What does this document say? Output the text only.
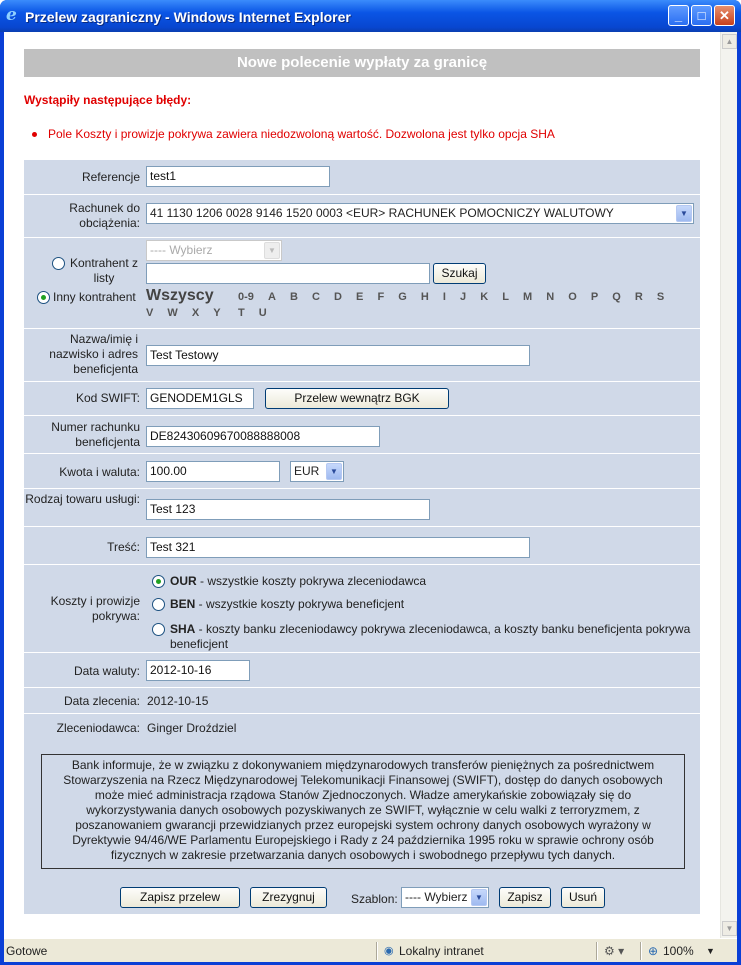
e Przelew zagraniczny - Windows Internet Explorer	_	□	✕
Nowe polecenie wypłaty za granicę
Wystąpiły następujące błędy:
Pole Koszty i prowizje pokrywa zawiera niedozwoloną wartość. Dozwolona jest tylko opcja SHA
Referencje test1
Rachunek do obciążenia:
41 1130 1206 0028 9146 1520 0003 <EUR> RACHUNEK POMOCNICZY WALUTOWY	▼
Kontrahent z listy
Inny kontrahent
---- Wybierz	▼
Szukaj
Wszyscy 0-9 A B C D E F G H I J K L M N O P Q R S T U
V W X Y
Nazwa/imię i nazwisko i adres beneficjenta
Test Testowy
Kod SWIFT: GENODEM1GLS	Przelew wewnątrz BGK
Numer rachunku beneficjenta DE82430609670088888008
Kwota i waluta: 100.00	EUR	▼
Rodzaj towaru usługi:
Test 123
Treść: Test 321
Koszty i prowizje pokrywa:
OUR - wszystkie koszty pokrywa zleceniodawca
BEN - wszystkie koszty pokrywa beneficjent
SHA - koszty banku zleceniodawcy pokrywa zleceniodawca, a koszty banku beneficjenta pokrywa beneficjent
Data waluty: 2012-10-16
Data zlecenia: 2012-10-15
Zleceniodawca: Ginger Droździel
Bank informuje, że w związku z dokonywaniem międzynarodowych transferów pieniężnych za pośrednictwem Stowarzyszenia na Rzecz Międzynarodowej Telekomunikacji Finansowej (SWIFT), dostęp do danych osobowych może mieć administracja rządowa Stanów Zjednoczonych. Władze amerykańskie zobowiązały się do wykorzystywania danych osobowych pozyskiwanych ze SWIFT, wyłącznie w celu walki z terroryzmem, z poszanowaniem gwarancji przewidzianych przez europejski system ochrony danych osobowych wyrażony w Dyrektywie 94/46/WE Parlamentu Europejskiego i Rady z 24 października 1995 roku w sprawie ochrony osób fizycznych w zakresie przetwarzania danych osobowych i swobodnego przepływu tych danych.
Zapisz przelew	Zrezygnuj	Szablon: ---- Wybierz ▼	Zapisz	Usuń
▲
▼
Gotowe	◉ Lokalny intranet	⚙ ▾ ⊕ 100% ▼
